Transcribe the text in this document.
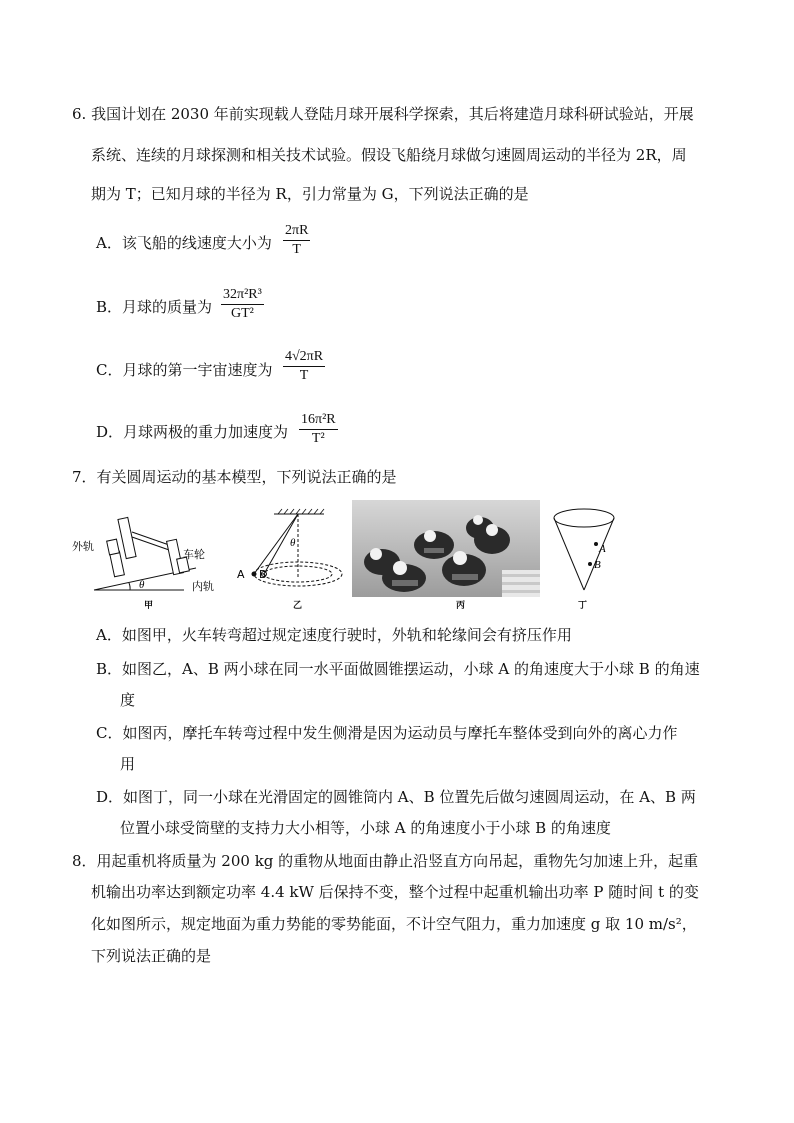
6. 我国计划在 2030 年前实现载人登陆月球开展科学探索，其后将建造月球科研试验站，开展
系统、连续的月球探测和相关技术试验。假设飞船绕月球做匀速圆周运动的半径为 2R，周
期为 T；已知月球的半径为 R，引力常量为 G，下列说法正确的是
A．该飞船的线速度大小为 $\frac{2\pi R}{T}$
B．月球的质量为 $\frac{\text{32π²R³}}{\text{GT²}}$
C．月球的第一宇宙速度为 $\frac{4√2\pi R}{T}$
D．月球两极的重力加速度为 $\frac{\text{16π²R}}{\text{T²}}$
7．有关圆周运动的基本模型，下列说法正确的是
外轨
车轮
内轨
θ
甲
θ
A B
乙	丙
A
B
丁
A．如图甲，火车转弯超过规定速度行驶时，外轨和轮缘间会有挤压作用
B．如图乙，A、B 两小球在同一水平面做圆锥摆运动，小球 A 的角速度大于小球 B 的角速
度
C．如图丙，摩托车转弯过程中发生侧滑是因为运动员与摩托车整体受到向外的离心力作
用
D．如图丁，同一小球在光滑固定的圆锥筒内 A、B 位置先后做匀速圆周运动，在 A、B 两
位置小球受筒壁的支持力大小相等，小球 A 的角速度小于小球 B 的角速度
8．用起重机将质量为 200 kg 的重物从地面由静止沿竖直方向吊起，重物先匀加速上升，起重
机输出功率达到额定功率 4.4 kW 后保持不变，整个过程中起重机输出功率 P 随时间 t 的变
化如图所示，规定地面为重力势能的零势能面，不计空气阻力，重力加速度 g 取 10 m/s²，
下列说法正确的是
